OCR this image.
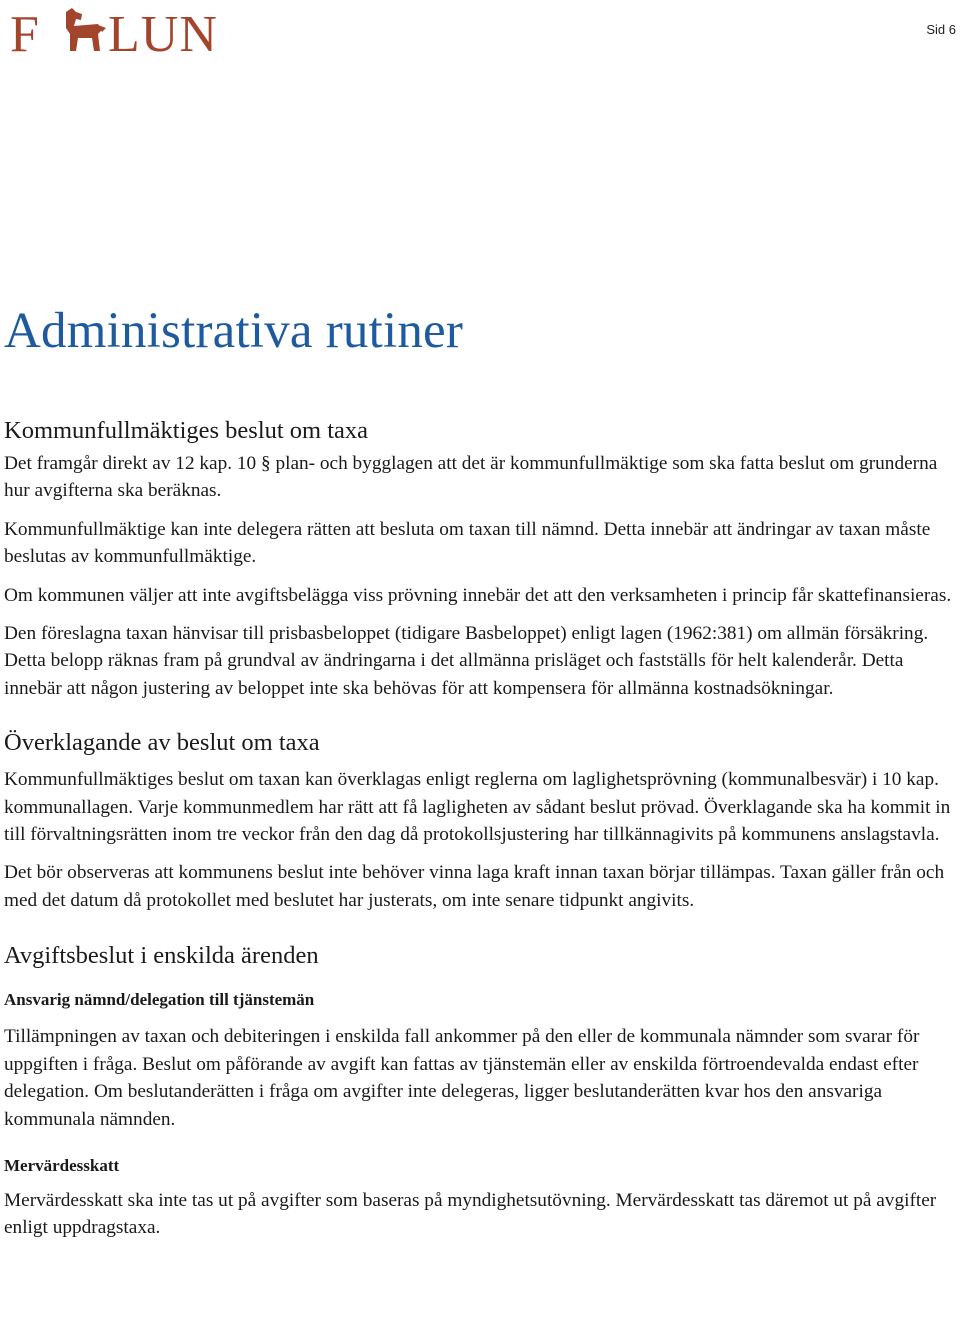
F LUN	Sid 6
Administrativa rutiner
Kommunfullmäktiges beslut om taxa

Det framgår direkt av 12 kap. 10 § plan- och bygglagen att det är kommunfullmäktige som ska fatta beslut om grunderna hur avgifterna ska beräknas.

Kommunfullmäktige kan inte delegera rätten att besluta om taxan till nämnd. Detta innebär att ändringar av taxan måste beslutas av kommunfullmäktige.

Om kommunen väljer att inte avgiftsbelägga viss prövning innebär det att den verksamheten i princip får skattefinansieras.

Den föreslagna taxan hänvisar till prisbasbeloppet (tidigare Basbeloppet) enligt lagen (1962:381) om allmän försäkring. Detta belopp räknas fram på grundval av ändringarna i det allmänna prisläget och fastställs för helt kalenderår. Detta innebär att någon justering av beloppet inte ska behövas för att kompensera för allmänna kostnadsökningar.

Överklagande av beslut om taxa

Kommunfullmäktiges beslut om taxan kan överklagas enligt reglerna om laglighetsprövning (kommunalbesvär) i 10 kap. kommunallagen. Varje kommunmedlem har rätt att få lagligheten av sådant beslut prövad. Överklagande ska ha kommit in till förvaltningsrätten inom tre veckor från den dag då protokollsjustering har tillkännagivits på kommunens anslagstavla.

Det bör observeras att kommunens beslut inte behöver vinna laga kraft innan taxan börjar tillämpas. Taxan gäller från och med det datum då protokollet med beslutet har justerats, om inte senare tidpunkt angivits.

Avgiftsbeslut i enskilda ärenden
Ansvarig nämnd/delegation till tjänstemän

Tillämpningen av taxan och debiteringen i enskilda fall ankommer på den eller de kommunala nämnder som svarar för uppgiften i fråga. Beslut om påförande av avgift kan fattas av tjänstemän eller av enskilda förtroendevalda endast efter delegation. Om beslutanderätten i fråga om avgifter inte delegeras, ligger beslutanderätten kvar hos den ansvariga kommunala nämnden.

Mervärdesskatt

Mervärdesskatt ska inte tas ut på avgifter som baseras på myndighetsutövning. Mervärdesskatt tas däremot ut på avgifter enligt uppdragstaxa.
